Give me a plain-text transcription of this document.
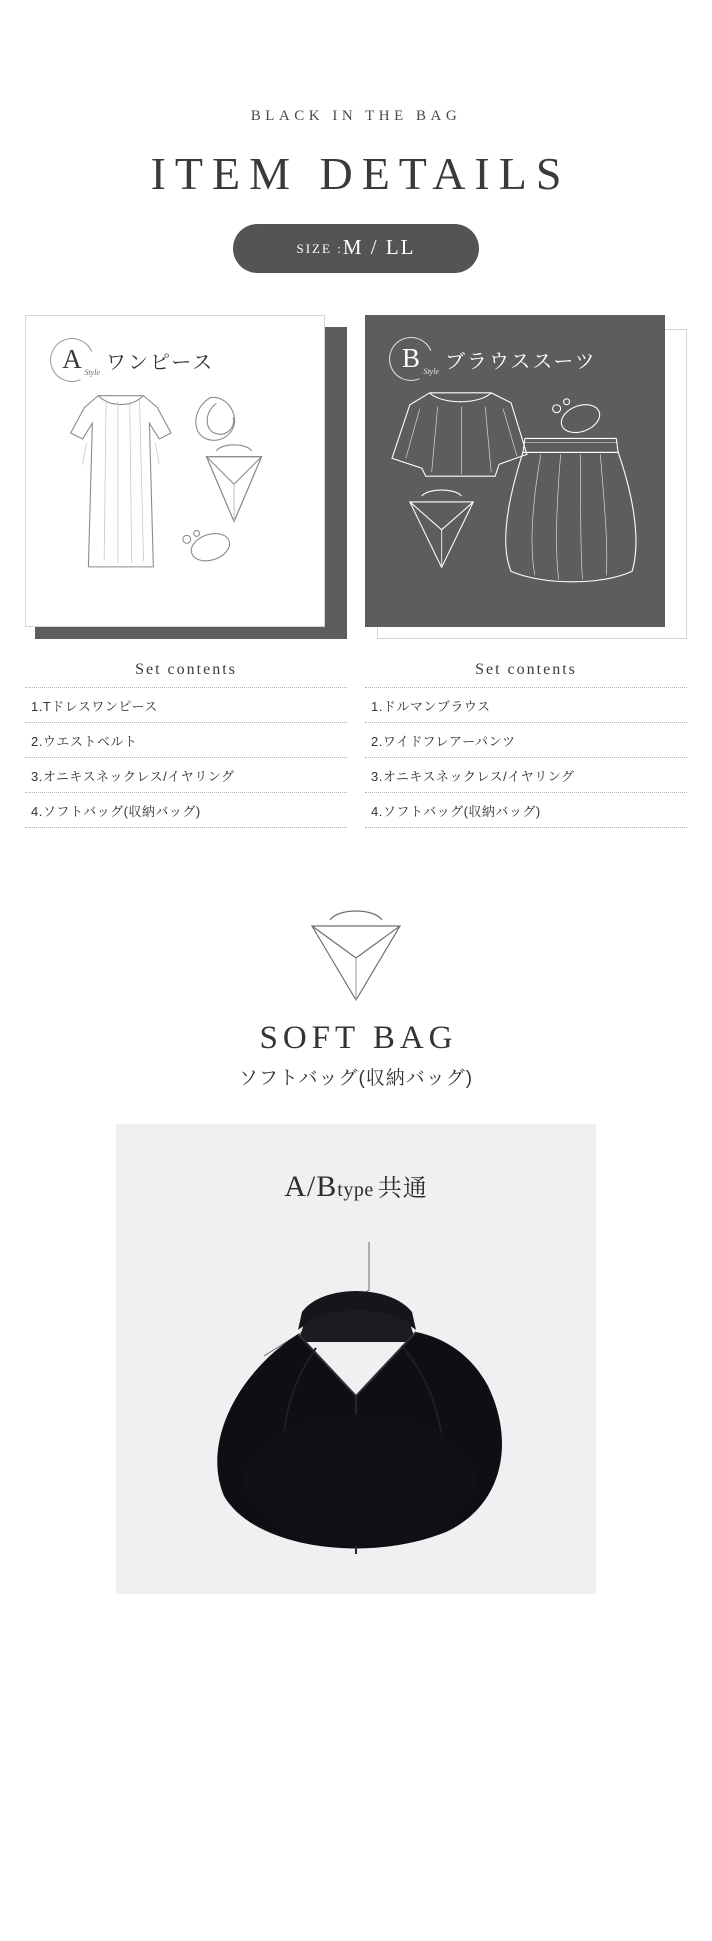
BLACK IN THE BAG

ITEM DETAILS
SIZE :M / LL
A Style ワンピース
Set contents
1.Tドレスワンピース
2.ウエストベルト
3.オニキスネックレス/イヤリング
4.ソフトバッグ(収納バッグ)
B Style ブラウススーツ
Set contents
1.ドルマンブラウス
2.ワイドフレアーパンツ
3.オニキスネックレス/イヤリング
4.ソフトバッグ(収納バッグ)
SOFT BAG

ソフトバッグ(収納バッグ)

A/Btype 共通
